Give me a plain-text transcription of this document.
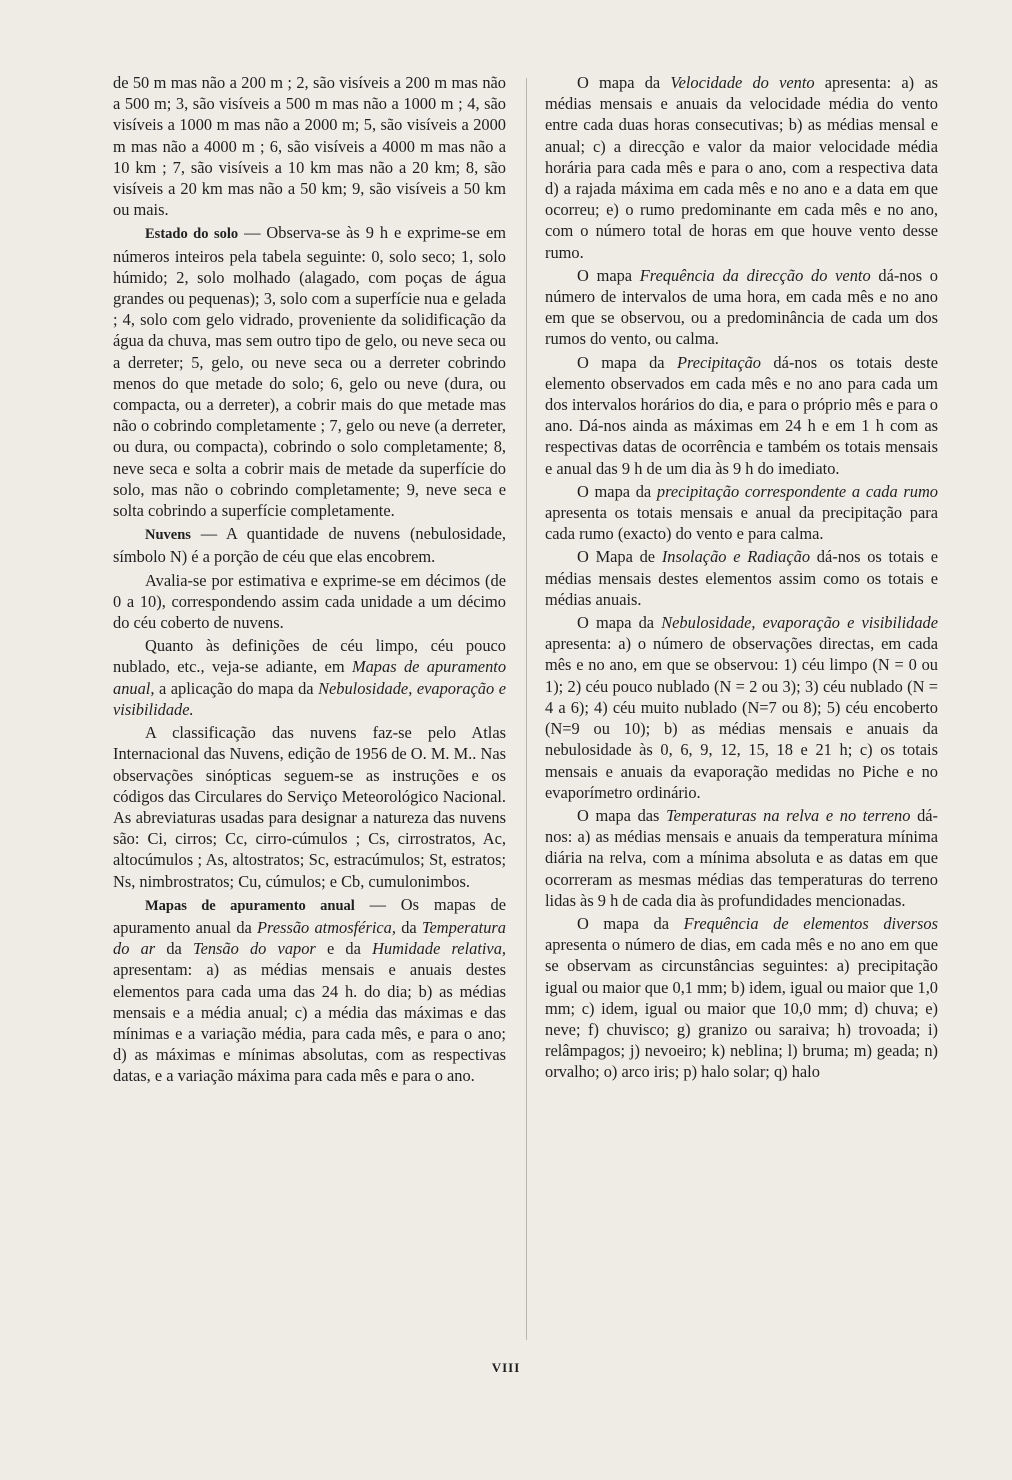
de 50 m mas não a 200 m ; 2, são visíveis a 200 m mas não a 500 m; 3, são visíveis a 500 m mas não a 1000 m ; 4, são visíveis a 1000 m mas não a 2000 m; 5, são visíveis a 2000 m mas não a 4000 m ; 6, são visíveis a 4000 m mas não a 10 km ; 7, são visíveis a 10 km mas não a 20 km; 8, são visíveis a 20 km mas não a 50 km; 9, são visíveis a 50 km ou mais.

Estado do solo — Observa-se às 9 h e exprime-se em números inteiros pela tabela seguinte: 0, solo seco; 1, solo húmido; 2, solo molhado (alagado, com poças de água grandes ou pequenas); 3, solo com a superfície nua e gelada ; 4, solo com gelo vidrado, proveniente da solidificação da água da chuva, mas sem outro tipo de gelo, ou neve seca ou a derreter; 5, gelo, ou neve seca ou a derreter cobrindo menos do que metade do solo; 6, gelo ou neve (dura, ou compacta, ou a derreter), a cobrir mais do que metade mas não o cobrindo completamente ; 7, gelo ou neve (a derreter, ou dura, ou compacta), cobrindo o solo completamente; 8, neve seca e solta a cobrir mais de metade da superfície do solo, mas não o cobrindo completamente; 9, neve seca e solta cobrindo a superfície completamente.

Nuvens — A quantidade de nuvens (nebulosidade, símbolo N) é a porção de céu que elas encobrem.

Avalia-se por estimativa e exprime-se em décimos (de 0 a 10), correspondendo assim cada unidade a um décimo do céu coberto de nuvens.

Quanto às definições de céu limpo, céu pouco nublado, etc., veja-se adiante, em Mapas de apuramento anual, a aplicação do mapa da Nebulosidade, evaporação e visibilidade.

A classificação das nuvens faz-se pelo Atlas Internacional das Nuvens, edição de 1956 de O. M. M.. Nas observações sinópticas seguem-se as instruções e os códigos das Circulares do Serviço Meteorológico Nacional. As abreviaturas usadas para designar a natureza das nuvens são: Ci, cirros; Cc, cirro-cúmulos ; Cs, cirrostratos, Ac, altocúmulos ; As, altostratos; Sc, estracúmulos; St, estratos; Ns, nimbrostratos; Cu, cúmulos; e Cb, cumulonimbos.

Mapas de apuramento anual — Os mapas de apuramento anual da Pressão atmosférica, da Temperatura do ar da Tensão do vapor e da Humidade relativa, apresentam: a) as médias mensais e anuais destes elementos para cada uma das 24 h. do dia; b) as médias mensais e a média anual; c) a média das máximas e das mínimas e a variação média, para cada mês, e para o ano; d) as máximas e mínimas absolutas, com as respectivas datas, e a variação máxima para cada mês e para o ano.

O mapa da Velocidade do vento apresenta: a) as médias mensais e anuais da velocidade média do vento entre cada duas horas consecutivas; b) as médias mensal e anual; c) a direcção e valor da maior velocidade média horária para cada mês e para o ano, com a respectiva data d) a rajada máxima em cada mês e no ano e a data em que ocorreu; e) o rumo predominante em cada mês e no ano, com o número total de horas em que houve vento desse rumo.

O mapa Frequência da direcção do vento dá-nos o número de intervalos de uma hora, em cada mês e no ano em que se observou, ou a predominância de cada um dos rumos do vento, ou calma.

O mapa da Precipitação dá-nos os totais deste elemento observados em cada mês e no ano para cada um dos intervalos horários do dia, e para o próprio mês e para o ano. Dá-nos ainda as máximas em 24 h e em 1 h com as respectivas datas de ocorrência e também os totais mensais e anual das 9 h de um dia às 9 h do imediato.

O mapa da precipitação correspondente a cada rumo apresenta os totais mensais e anual da precipitação para cada rumo (exacto) do vento e para calma.

O Mapa de Insolação e Radiação dá-nos os totais e médias mensais destes elementos assim como os totais e médias anuais.

O mapa da Nebulosidade, evaporação e visibilidade apresenta: a) o número de observações directas, em cada mês e no ano, em que se observou: 1) céu limpo (N = 0 ou 1); 2) céu pouco nublado (N = 2 ou 3); 3) céu nublado (N = 4 a 6); 4) céu muito nublado (N=7 ou 8); 5) céu encoberto (N=9 ou 10); b) as médias mensais e anuais da nebulosidade às 0, 6, 9, 12, 15, 18 e 21 h; c) os totais mensais e anuais da evaporação medidas no Piche e no evaporímetro ordinário.

O mapa das Temperaturas na relva e no terreno dá-nos: a) as médias mensais e anuais da temperatura mínima diária na relva, com a mínima absoluta e as datas em que ocorreram as mesmas médias das temperaturas do terreno lidas às 9 h de cada dia às profundidades mencionadas.

O mapa da Frequência de elementos diversos apresenta o número de dias, em cada mês e no ano em que se observam as circunstâncias seguintes: a) precipitação igual ou maior que 0,1 mm; b) idem, igual ou maior que 1,0 mm; c) idem, igual ou maior que 10,0 mm; d) chuva; e) neve; f) chuvisco; g) granizo ou saraiva; h) trovoada; i) relâmpagos; j) nevoeiro; k) neblina; l) bruma; m) geada; n) orvalho; o) arco iris; p) halo solar; q) halo

VIII
